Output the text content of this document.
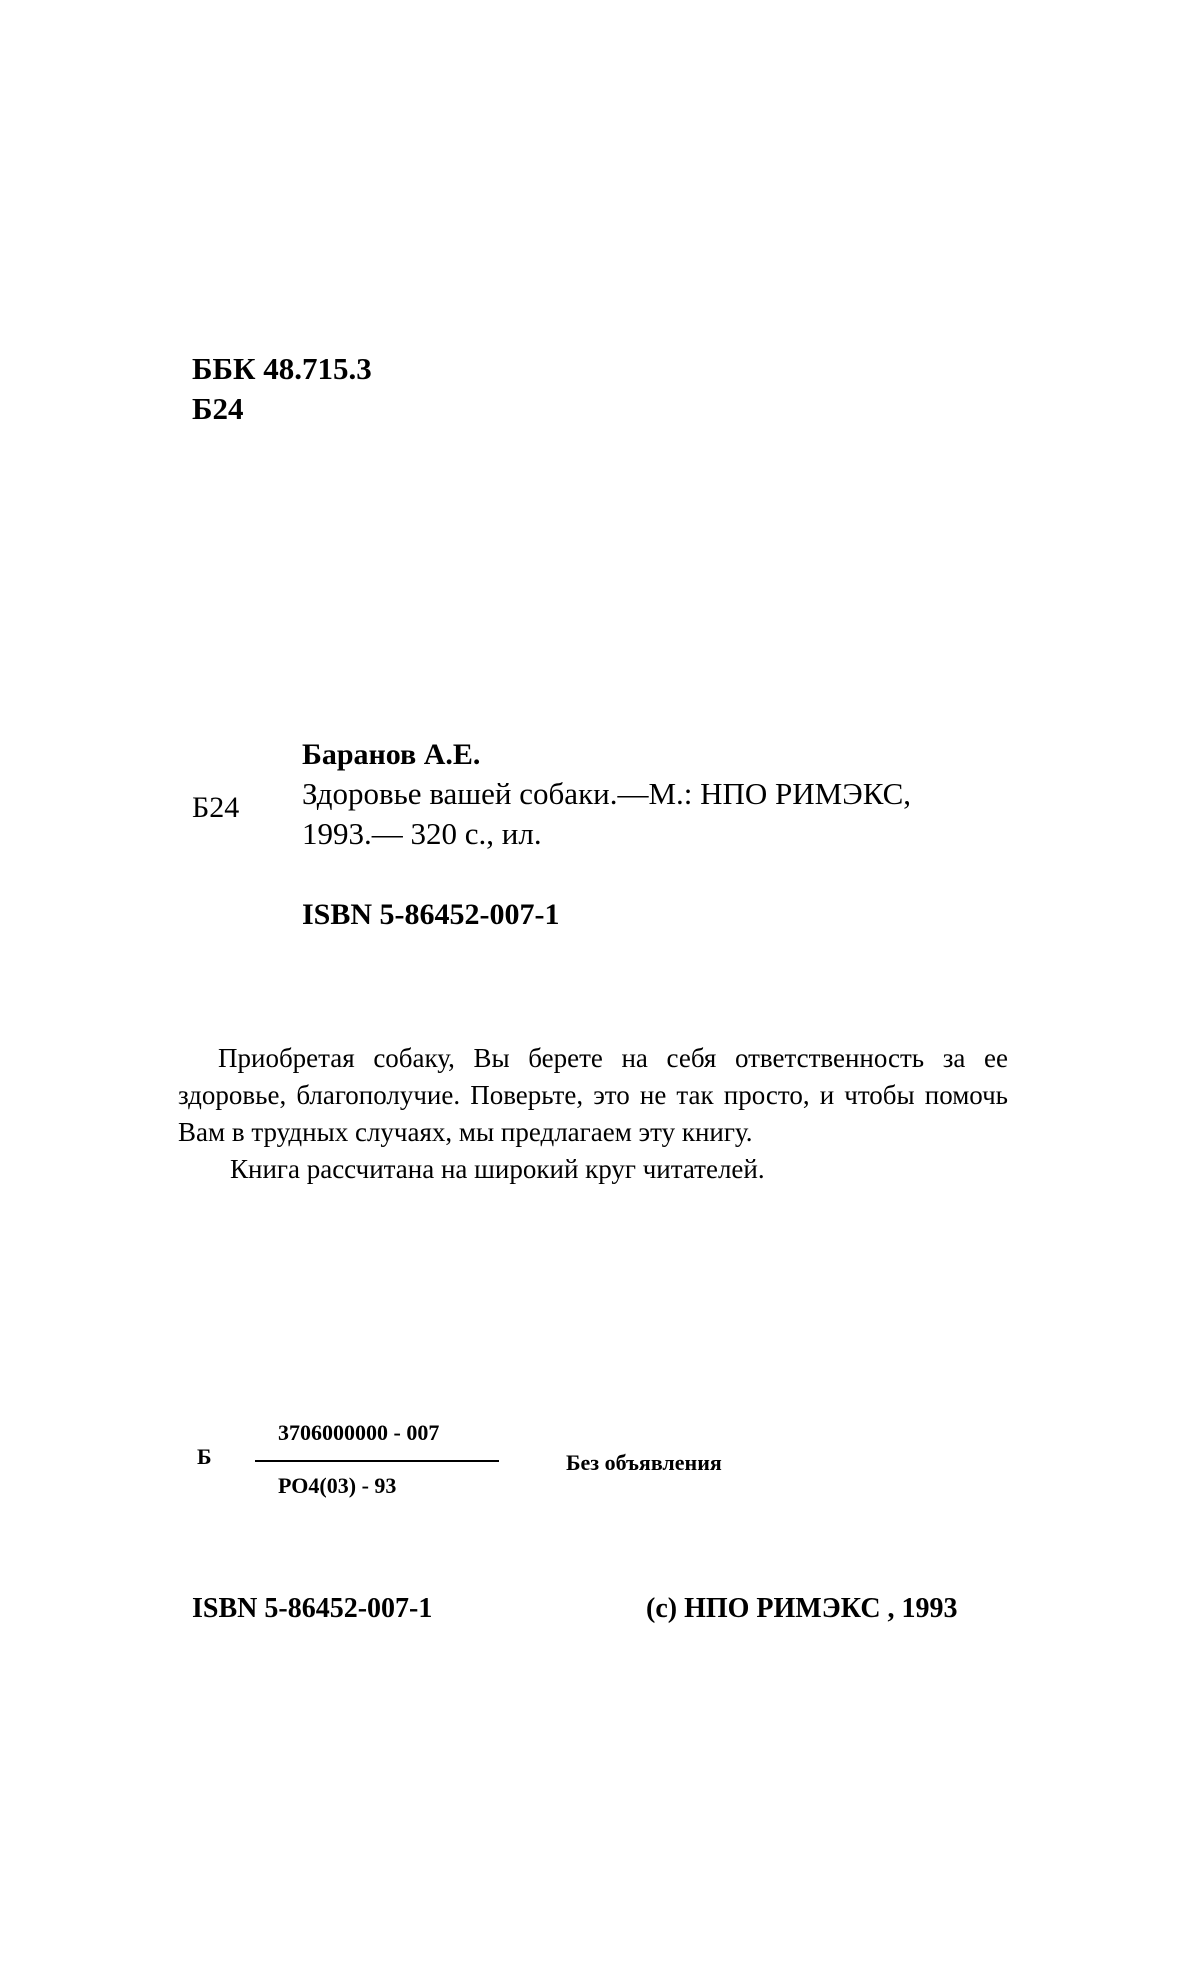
ББК 48.715.3
Б24
Б24
Баранов А.Е.
Здоровье вашей собаки.—М.: НПО РИМЭКС,
1993.— 320 с., ил.
ISBN 5-86452-007-1

Приобретая собаку, Вы берете на себя ответственность за ее здоровье, благополучие. Поверьте, это не так просто, и чтобы помочь Вам в трудных случаях, мы предлагаем эту книгу.

Книга рассчитана на широкий круг читателей.

Б
3706000000 - 007
РО4(03) - 93
Без объявления
ISBN 5-86452-007-1	(с) НПО РИМЭКС , 1993
